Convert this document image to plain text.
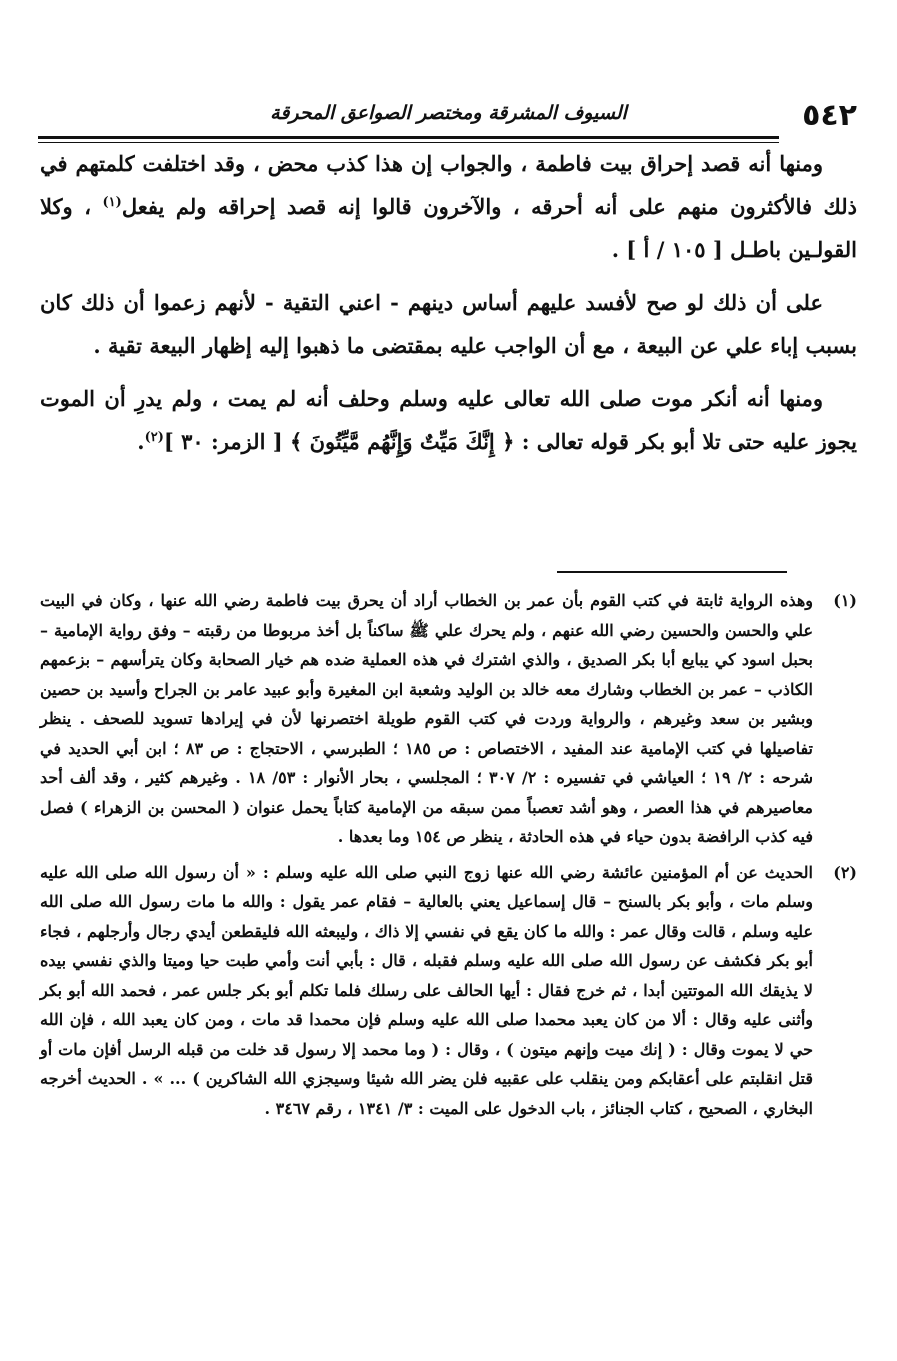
٥٤٢
السيوف المشرقة ومختصر الصواعق المحرقة

ومنها أنه قصد إحراق بيت فاطمة ، والجواب إن هذا كذب محض ، وقد اختلفت كلمتهم في ذلك فالأكثرون منهم على أنه أحرقه ، والآخرون قالوا إنه قصد إحراقه ولم يفعل$^{(١)}$ ، وكلا القولـين باطـل [ ١٠٥ / أ ] .

على أن ذلك لو صح لأفسد عليهم أساس دينهم - اعني التقية - لأنهم زعموا أن ذلك كان بسبب إباء علي عن البيعة ، مع أن الواجب عليه بمقتضى ما ذهبوا إليه إظهار البيعة تقية .

ومنها أنه أنكر موت صلى الله تعالى عليه وسلم وحلف أنه لم يمت ، ولم يدرِ أن الموت يجوز عليه حتى تلا أبو بكر قوله تعالى : ﴿ إِنَّكَ مَيِّتٌ وَإِنَّهُم مَّيِّتُونَ ﴾ [ الزمر: ٣٠ ]$^{(٢)}$.

(١)
وهذه الرواية ثابتة في كتب القوم بأن عمر بن الخطاب أراد أن يحرق بيت فاطمة رضي الله عنها ، وكان في البيت علي والحسن والحسين رضي الله عنهم ، ولم يحرك علي ﷺ ساكناً بل أخذ مربوطا من رقبته – وفق رواية الإمامية – بحبل اسود كي يبايع أبا بكر الصديق ، والذي اشترك في هذه العملية ضده هم خيار الصحابة وكان يترأسهم – بزعمهم الكاذب – عمر بن الخطاب وشارك معه خالد بن الوليد وشعبة ابن المغيرة وأبو عبيد عامر بن الجراح وأسيد بن حصين وبشير بن سعد وغيرهم ، والرواية وردت في كتب القوم طويلة اختصرنها لأن في إيرادها تسويد للصحف . ينظر تفاصيلها في كتب الإمامية عند المفيد ، الاختصاص : ص ١٨٥ ؛ الطبرسي ، الاحتجاج : ص ٨٣ ؛ ابن أبي الحديد في شرحه : ٢/ ١٩ ؛ العياشي في تفسيره : ٢/ ٣٠٧ ؛ المجلسي ، بحار الأنوار : ٥٣/ ١٨ . وغيرهم كثير ، وقد ألف أحد معاصيرهم في هذا العصر ، وهو أشد تعصباً ممن سبقه من الإمامية كتاباً يحمل عنوان ( المحسن بن الزهراء ) فصل فيه كذب الرافضة بدون حياء في هذه الحادثة ، ينظر ص ١٥٤ وما بعدها .
(٢)
الحديث عن أم المؤمنين عائشة رضي الله عنها زوج النبي صلى الله عليه وسلم : « أن رسول الله صلى الله عليه وسلم مات ، وأبو بكر بالسنح – قال إسماعيل يعني بالعالية – فقام عمر يقول : والله ما مات رسول الله صلى الله عليه وسلم ، قالت وقال عمر : والله ما كان يقع في نفسي إلا ذاك ، وليبعثه الله فليقطعن أيدي رجال وأرجلهم ، فجاء أبو بكر فكشف عن رسول الله صلى الله عليه وسلم فقبله ، قال : بأبي أنت وأمي طبت حيا وميتا والذي نفسي بيده لا يذيقك الله الموتتين أبدا ، ثم خرج فقال : أيها الحالف على رسلك فلما تكلم أبو بكر جلس عمر ، فحمد الله أبو بكر وأثنى عليه وقال : ألا من كان يعبد محمدا صلى الله عليه وسلم فإن محمدا قد مات ، ومن كان يعبد الله ، فإن الله حي لا يموت وقال : ( إنك ميت وإنهم ميتون ) ، وقال : ( وما محمد إلا رسول قد خلت من قبله الرسل أفإن مات أو قتل انقلبتم على أعقابكم ومن ينقلب على عقبيه فلن يضر الله شيئا وسيجزي الله الشاكرين ) ... » . الحديث أخرجه البخاري ، الصحيح ، كتاب الجنائز ، باب الدخول على الميت : ٣/ ١٣٤١ ، رقم ٣٤٦٧ .
